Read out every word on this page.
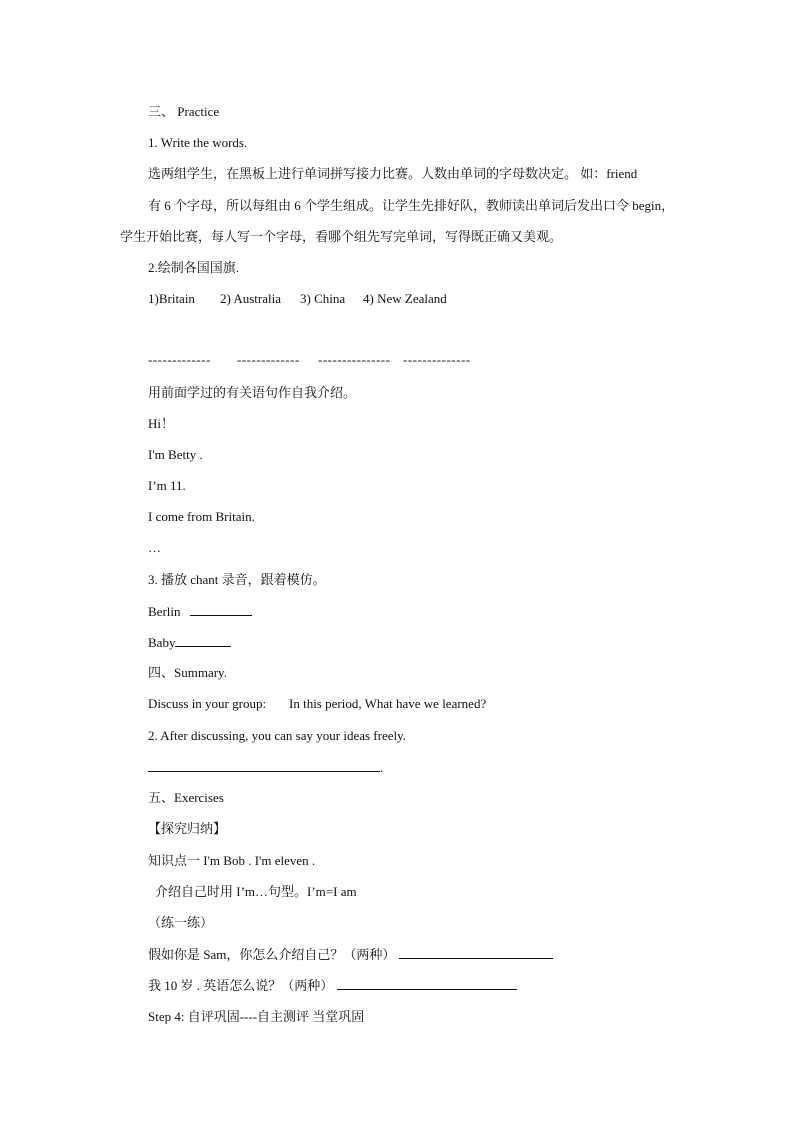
三、 Practice
1. Write the words.
选两组学生，在黑板上进行单词拼写接力比赛。人数由单词的字母数决定。 如：friend
有 6 个字母，所以每组由 6 个学生组成。让学生先排好队，教师读出单词后发出口令 begin，
学生开始比赛，每人写一个字母，看哪个组先写完单词，写得既正确又美观。
2.绘制各国国旗.
1)Britain 2) Australia 3) China 4) New Zealand
------------- ------------- --------------- --------------
用前面学过的有关语句作自我介绍。
Hi！
I'm Betty .
I’m 11.
I come from Britain.
…
3. 播放 chant 录音，跟着模仿。
Berlin
Baby
四、Summary.
Discuss in your group: In this period, What have we learned?
2. After discussing, you can say your ideas freely.
.
五、Exercises
【探究归纳】
知识点一 I'm Bob . I'm eleven .
介绍自己时用 I’m…句型。I’m=I am
（练一练）
假如你是 Sam，你怎么介绍自己？（两种）
我 10 岁 . 英语怎么说？（两种）
Step 4: 自评巩固----自主测评 当堂巩固
